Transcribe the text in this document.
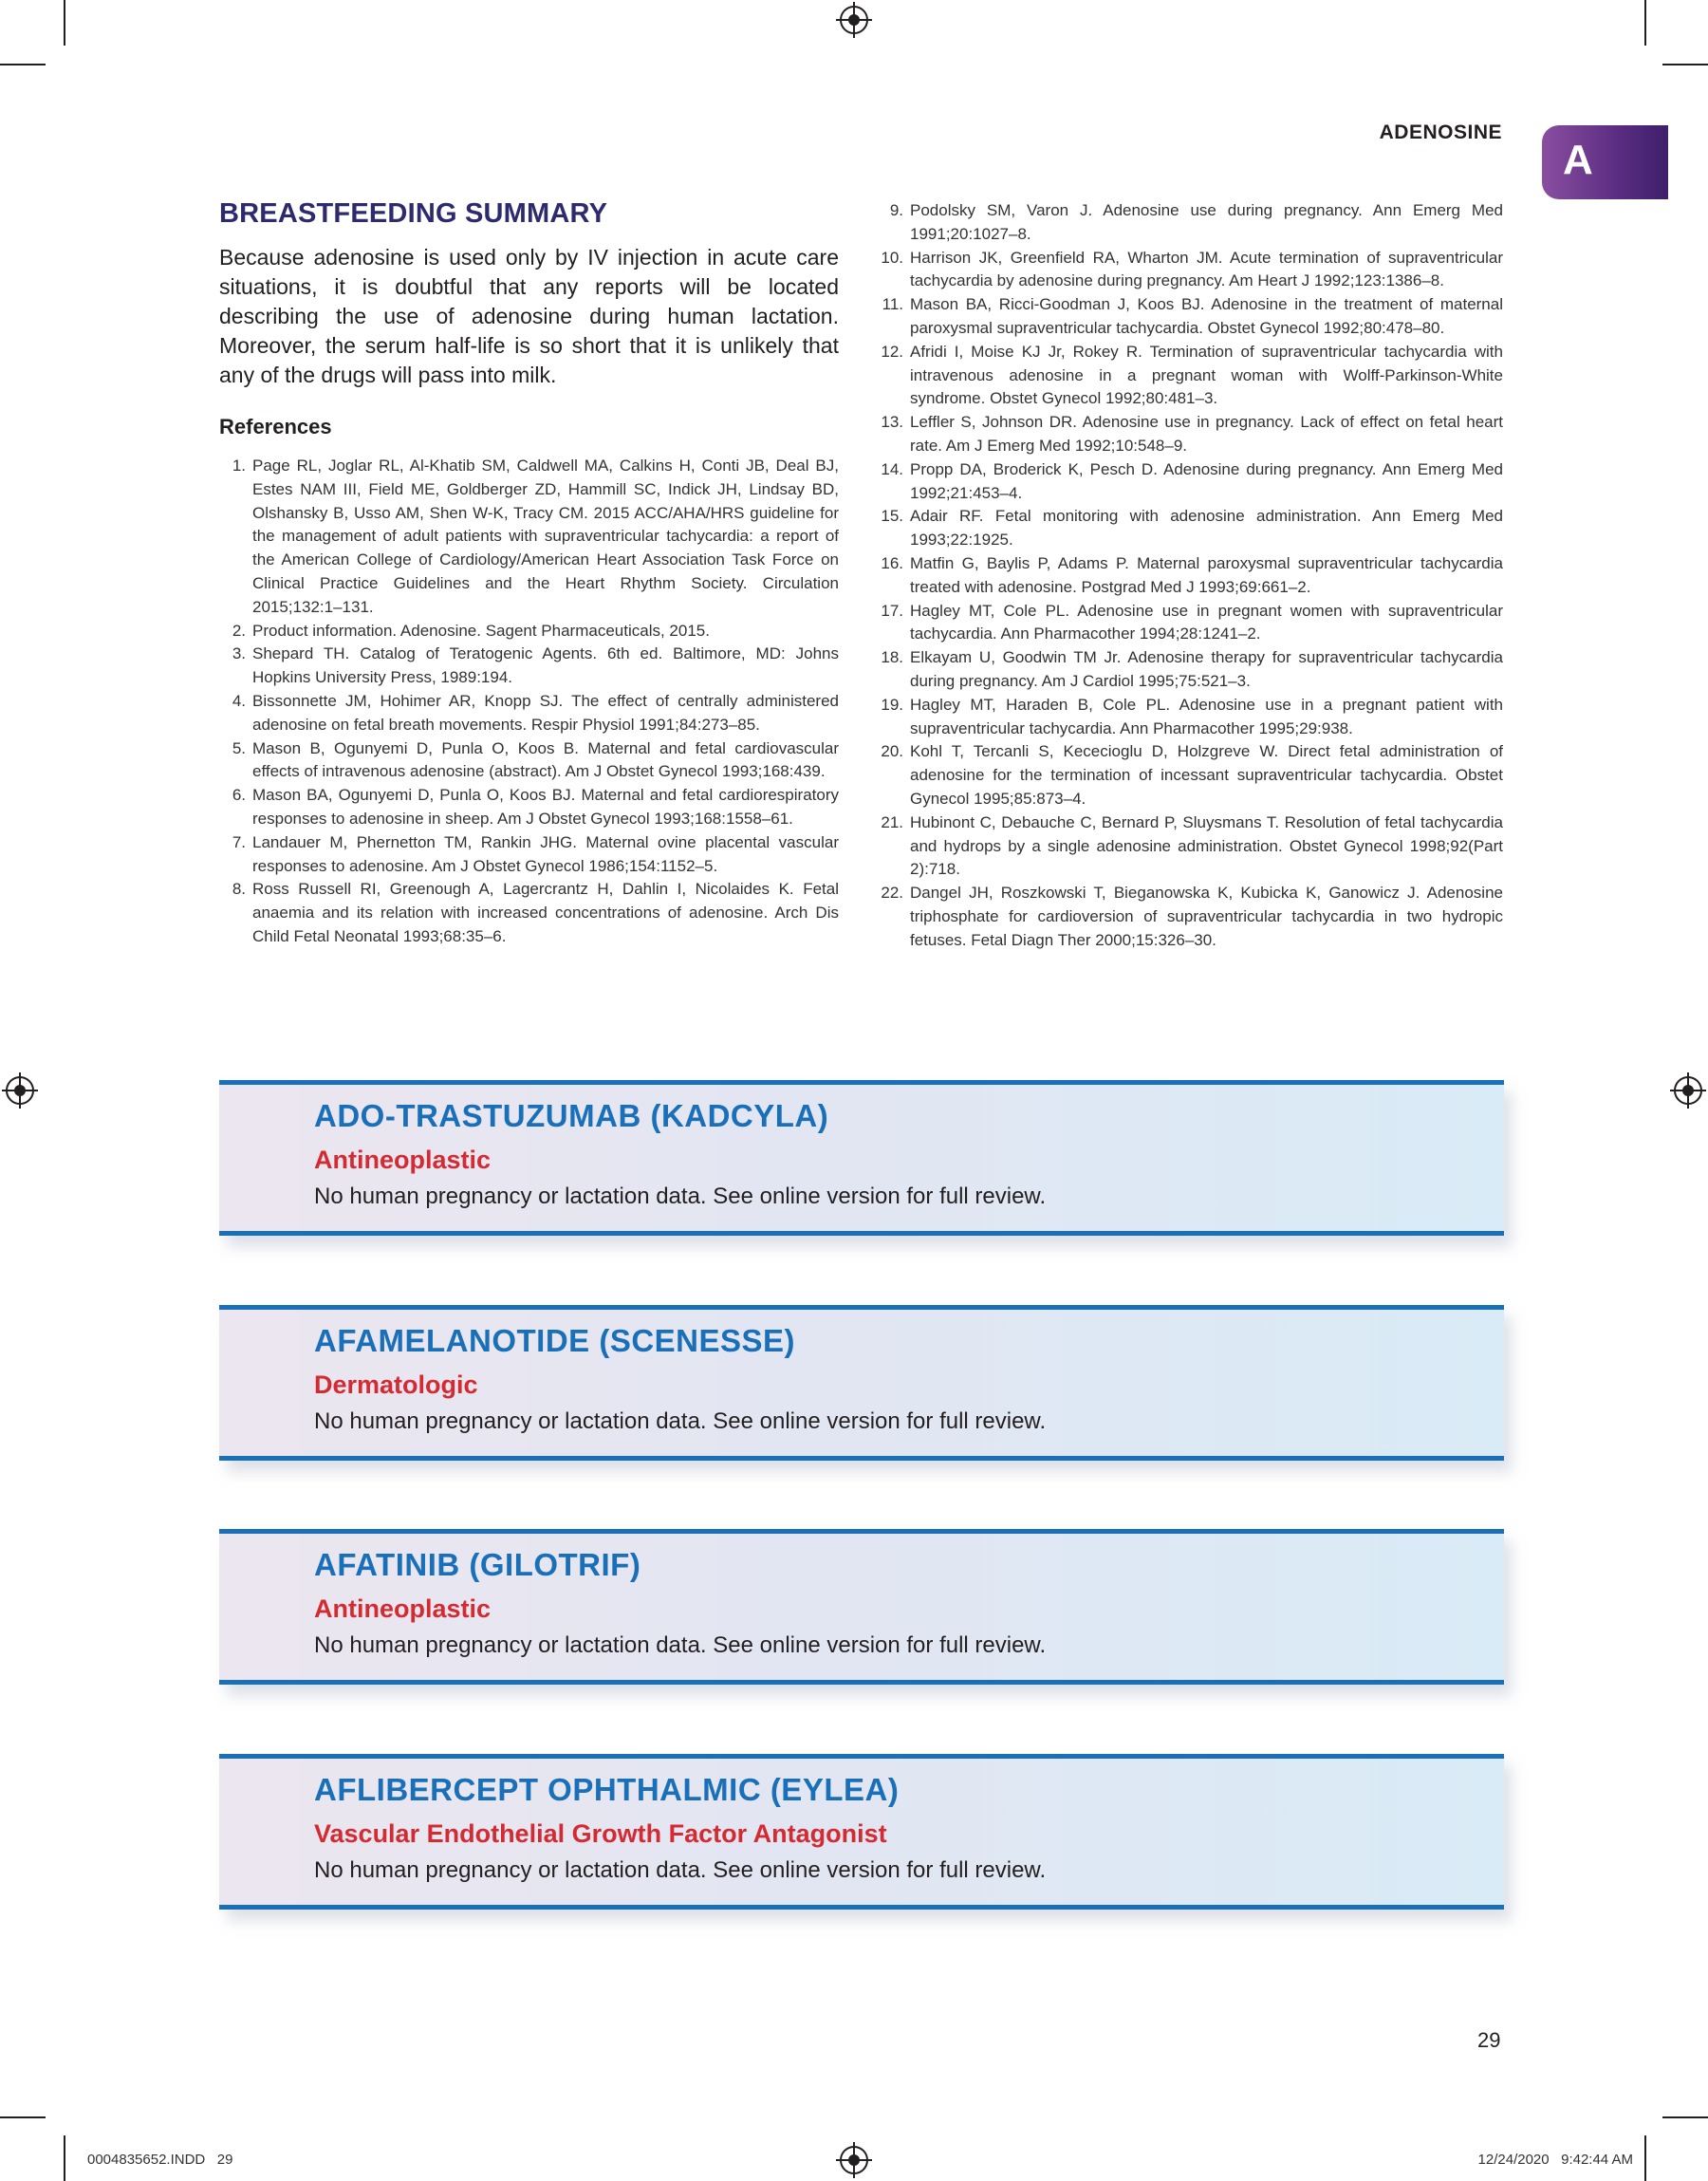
ADENOSINE
A
BREASTFEEDING SUMMARY

Because adenosine is used only by IV injection in acute care situations, it is doubtful that any reports will be located describing the use of adenosine during human lactation. Moreover, the serum half-life is so short that it is unlikely that any of the drugs will pass into milk.

References
1. Page RL, Joglar RL, Al-Khatib SM, Caldwell MA, Calkins H, Conti JB, Deal BJ, Estes NAM III, Field ME, Goldberger ZD, Hammill SC, Indick JH, Lindsay BD, Olshansky B, Usso AM, Shen W-K, Tracy CM. 2015 ACC/AHA/HRS guideline for the management of adult patients with supraventricular tachycardia: a report of the American College of Cardiology/American Heart Association Task Force on Clinical Practice Guidelines and the Heart Rhythm Society. Circulation 2015;132:1–131.
2. Product information. Adenosine. Sagent Pharmaceuticals, 2015.
3. Shepard TH. Catalog of Teratogenic Agents. 6th ed. Baltimore, MD: Johns Hopkins University Press, 1989:194.
4. Bissonnette JM, Hohimer AR, Knopp SJ. The effect of centrally administered adenosine on fetal breath movements. Respir Physiol 1991;84:273–85.
5. Mason B, Ogunyemi D, Punla O, Koos B. Maternal and fetal cardiovascular effects of intravenous adenosine (abstract). Am J Obstet Gynecol 1993;168:439.
6. Mason BA, Ogunyemi D, Punla O, Koos BJ. Maternal and fetal cardiorespiratory responses to adenosine in sheep. Am J Obstet Gynecol 1993;168:1558–61.
7. Landauer M, Phernetton TM, Rankin JHG. Maternal ovine placental vascular responses to adenosine. Am J Obstet Gynecol 1986;154:1152–5.
8. Ross Russell RI, Greenough A, Lagercrantz H, Dahlin I, Nicolaides K. Fetal anaemia and its relation with increased concentrations of adenosine. Arch Dis Child Fetal Neonatal 1993;68:35–6.
9. Podolsky SM, Varon J. Adenosine use during pregnancy. Ann Emerg Med 1991;20:1027–8.
10. Harrison JK, Greenfield RA, Wharton JM. Acute termination of supraventricular tachycardia by adenosine during pregnancy. Am Heart J 1992;123:1386–8.
11. Mason BA, Ricci-Goodman J, Koos BJ. Adenosine in the treatment of maternal paroxysmal supraventricular tachycardia. Obstet Gynecol 1992;80:478–80.
12. Afridi I, Moise KJ Jr, Rokey R. Termination of supraventricular tachycardia with intravenous adenosine in a pregnant woman with Wolff-Parkinson-White syndrome. Obstet Gynecol 1992;80:481–3.
13. Leffler S, Johnson DR. Adenosine use in pregnancy. Lack of effect on fetal heart rate. Am J Emerg Med 1992;10:548–9.
14. Propp DA, Broderick K, Pesch D. Adenosine during pregnancy. Ann Emerg Med 1992;21:453–4.
15. Adair RF. Fetal monitoring with adenosine administration. Ann Emerg Med 1993;22:1925.
16. Matfin G, Baylis P, Adams P. Maternal paroxysmal supraventricular tachycardia treated with adenosine. Postgrad Med J 1993;69:661–2.
17. Hagley MT, Cole PL. Adenosine use in pregnant women with supraventricular tachycardia. Ann Pharmacother 1994;28:1241–2.
18. Elkayam U, Goodwin TM Jr. Adenosine therapy for supraventricular tachycardia during pregnancy. Am J Cardiol 1995;75:521–3.
19. Hagley MT, Haraden B, Cole PL. Adenosine use in a pregnant patient with supraventricular tachycardia. Ann Pharmacother 1995;29:938.
20. Kohl T, Tercanli S, Kececioglu D, Holzgreve W. Direct fetal administration of adenosine for the termination of incessant supraventricular tachycardia. Obstet Gynecol 1995;85:873–4.
21. Hubinont C, Debauche C, Bernard P, Sluysmans T. Resolution of fetal tachycardia and hydrops by a single adenosine administration. Obstet Gynecol 1998;92(Part 2):718.
22. Dangel JH, Roszkowski T, Bieganowska K, Kubicka K, Ganowicz J. Adenosine triphosphate for cardioversion of supraventricular tachycardia in two hydropic fetuses. Fetal Diagn Ther 2000;15:326–30.
ADO-TRASTUZUMAB (KADCYLA)
Antineoplastic
No human pregnancy or lactation data. See online version for full review.
AFAMELANOTIDE (SCENESSE)
Dermatologic
No human pregnancy or lactation data. See online version for full review.
AFATINIB (GILOTRIF)
Antineoplastic
No human pregnancy or lactation data. See online version for full review.
AFLIBERCEPT OPHTHALMIC (EYLEA)
Vascular Endothelial Growth Factor Antagonist
No human pregnancy or lactation data. See online version for full review.
29
0004835652.INDD   29	12/24/2020   9:42:44 AM
